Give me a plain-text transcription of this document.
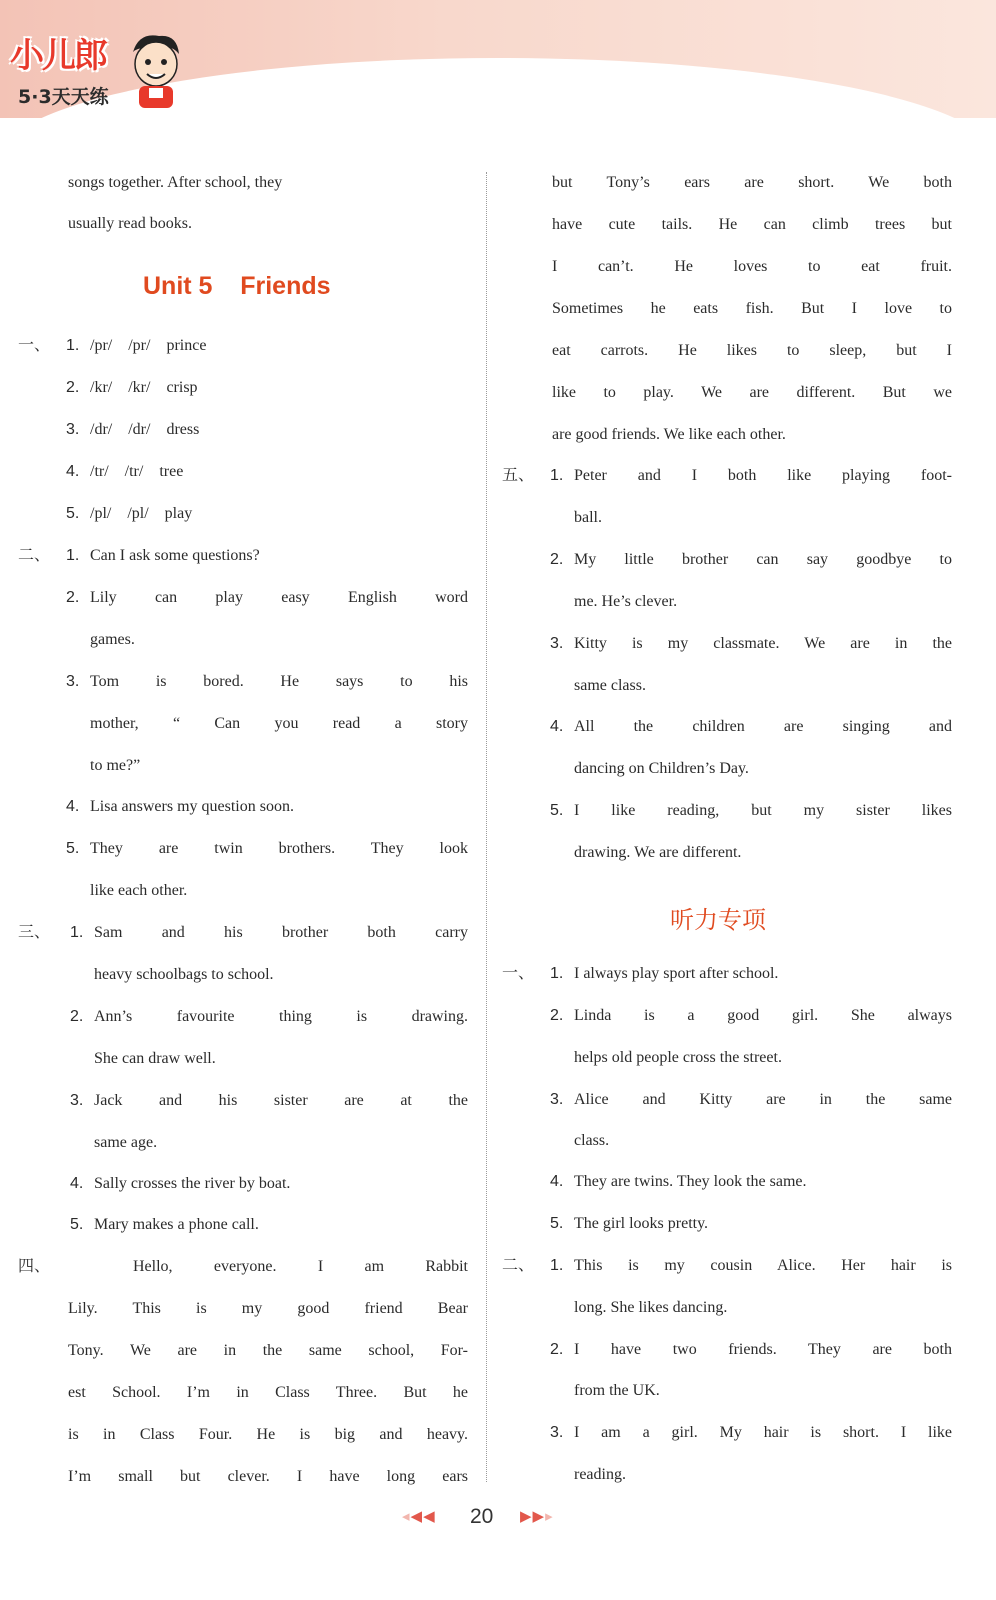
小儿郎
5·3天天练
songs together. After school, they
usually read books.
Unit 5    Friends
一、 1. /pr/    /pr/    prince
2. /kr/    /kr/    crisp
3. /dr/    /dr/    dress
4. /tr/    /tr/    tree
5. /pl/    /pl/    play
二、 1. Can I ask some questions?
2. Lily can play easy English word
games.
3. Tom is bored. He says to his
mother, “ Can you read a story
to me?”
4. Lisa answers my question soon.
5. They are twin brothers. They look
like each other.
三、 1. Sam and his brother both carry
heavy schoolbags to school.
2. Ann’s favourite thing is drawing.
She can draw well.
3. Jack and his sister are at the
same age.
4. Sally crosses the river by boat.
5. Mary makes a phone call.
四、	Hello, everyone. I am Rabbit
Lily. This is my good friend Bear
Tony. We are in the same school, For-
est School. I’m in Class Three. But he
is in Class Four. He is big and heavy.
I’m small but clever. I have long ears
but Tony’s ears are short. We both
have cute tails. He can climb trees but
I can’t. He loves to eat fruit.
Sometimes he eats fish. But I love to
eat carrots. He likes to sleep, but I
like to play. We are different. But we
are good friends. We like each other.
五、 1. Peter and I both like playing foot-
ball.
2. My little brother can say goodbye to
me. He’s clever.
3. Kitty is my classmate. We are in the
same class.
4. All the children are singing and
dancing on Children’s Day.
5. I like reading, but my sister likes
drawing. We are different.
听力专项
一、 1. I always play sport after school.
2. Linda is a good girl. She always
helps old people cross the street.
3. Alice and Kitty are in the same
class.
4. They are twins. They look the same.
5. The girl looks pretty.
二、 1. This is my cousin Alice. Her hair is
long. She likes dancing.
2. I have two friends. They are both
from the UK.
3. I am a girl. My hair is short. I like
reading.
◂◀◀ 20 ▶▶▸
